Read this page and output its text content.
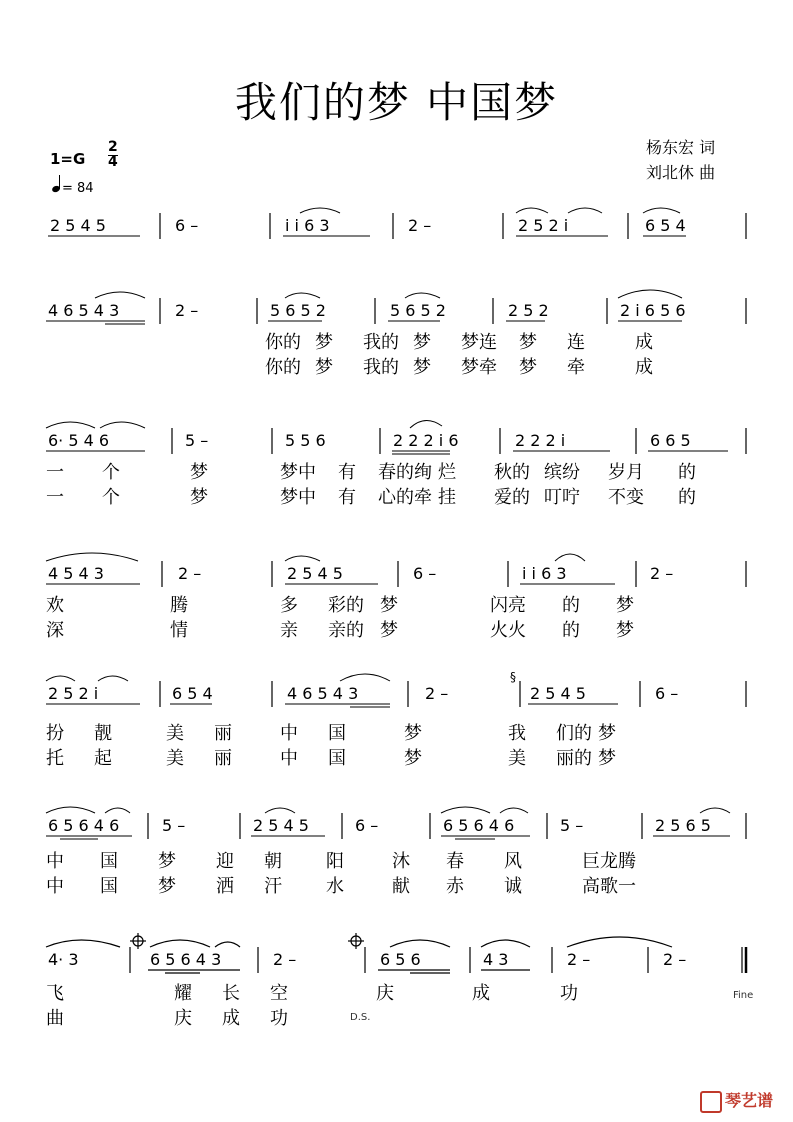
我们的梦 中国梦
1=G
2
4
= 84
杨东宏 词
刘北休 曲
2 5 4 5	6 –	i i 6 3	2 –	2 5 2 i	6 5 4
4 6 5 4 3	2 –	5 6 5 2	5 6 5 2	2 5 2	2 i 6 5 6
你的 梦 我的 梦 梦连 梦 连	成
你的 梦 我的 梦 梦牵 梦 牵	成
6· 5 4 6	5 –	5 5 6	2 2 2 i 6	2 2 2 i	6 6 5
一 个	梦	梦中 有 春的绚 烂 秋的 缤纷 岁月 的
一 个	梦	梦中 有 心的牵 挂 爱的 叮咛 不变 的
4 5 4 3	2 –	2 5 4 5	6 –	i i 6 3	2 –
欢	腾	多 彩的 梦	闪亮 的 梦
深	情	亲 亲的 梦	火火 的 梦
2 5 2 i	6 5 4	4 6 5 4 3	2 –	2 5 4 5	6 –
§
扮 靓	美 丽	中 国	梦	我 们的 梦
托 起	美 丽	中 国	梦	美 丽的 梦
6 5 6 4 6	5 –	2 5 4 5	6 –	6 5 6 4 6	5 –	2 5 6 5
中 国 梦 迎 朝 阳	沐 春 风	巨龙腾
中 国 梦 洒 汗 水	献 赤 诚	高歌一
4· 3	6 5 6 4 3	2 –	6 5 6	4 3	2 –	2 –
飞	耀 长 空	庆	成	功
曲	庆 成 功
Fine
D.S.
琴艺谱
